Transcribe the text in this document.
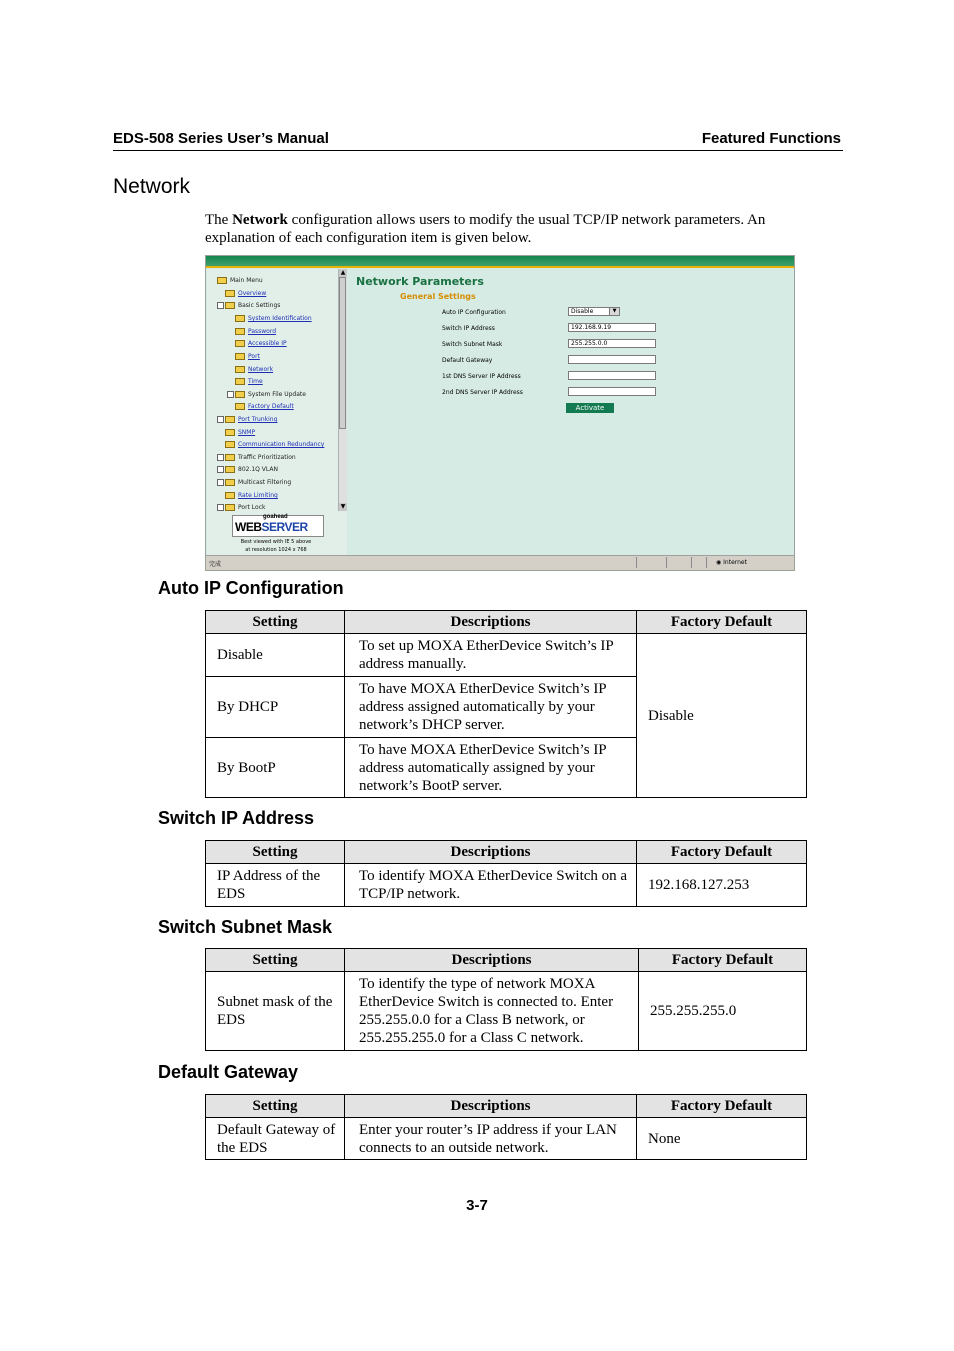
EDS-508 Series User’s Manual	Featured Functions
Network
The Network configuration allows users to modify the usual TCP/IP network parameters. An explanation of each configuration item is given below.
Main Menu
Overview
Basic Settings
System Identification
Password
Accessible IP
Port
Network
Time
System File Update
Factory Default
Port Trunking
SNMP
Communication Redundancy
Traffic Prioritization
802.1Q VLAN
Multicast Filtering
Rate Limiting
Port Lock
▲
▼
goahead
WEBSERVER
Best viewed with IE 5 above
at resolution 1024 x 768
Network Parameters
General Settings
Auto IP Configuration	Disable	▼
Switch IP Address	192.168.9.19
Switch Subnet Mask	255.255.0.0
Default Gateway
1st DNS Server IP Address
2nd DNS Server IP Address
Activate
完成	◉ Internet
Auto IP Configuration
Setting	Descriptions	Factory Default
Disable	To set up MOXA EtherDevice Switch’s IP address manually.	Disable
By DHCP	To have MOXA EtherDevice Switch’s IP address assigned automatically by your network’s DHCP server.	
By BootP	To have MOXA EtherDevice Switch’s IP address automatically assigned by your network’s BootP server.	
Switch IP Address
Setting	Descriptions	Factory Default
IP Address of the EDS	To identify MOXA EtherDevice Switch on a TCP/IP network.	192.168.127.253
Switch Subnet Mask
Setting	Descriptions	Factory Default
Subnet mask of the EDS	To identify the type of network MOXA EtherDevice Switch is connected to. Enter 255.255.0.0 for a Class B network, or 255.255.255.0 for a Class C network.	255.255.255.0
Default Gateway
Setting	Descriptions	Factory Default
Default Gateway of the EDS	Enter your router’s IP address if your LAN connects to an outside network.	None
3-7
